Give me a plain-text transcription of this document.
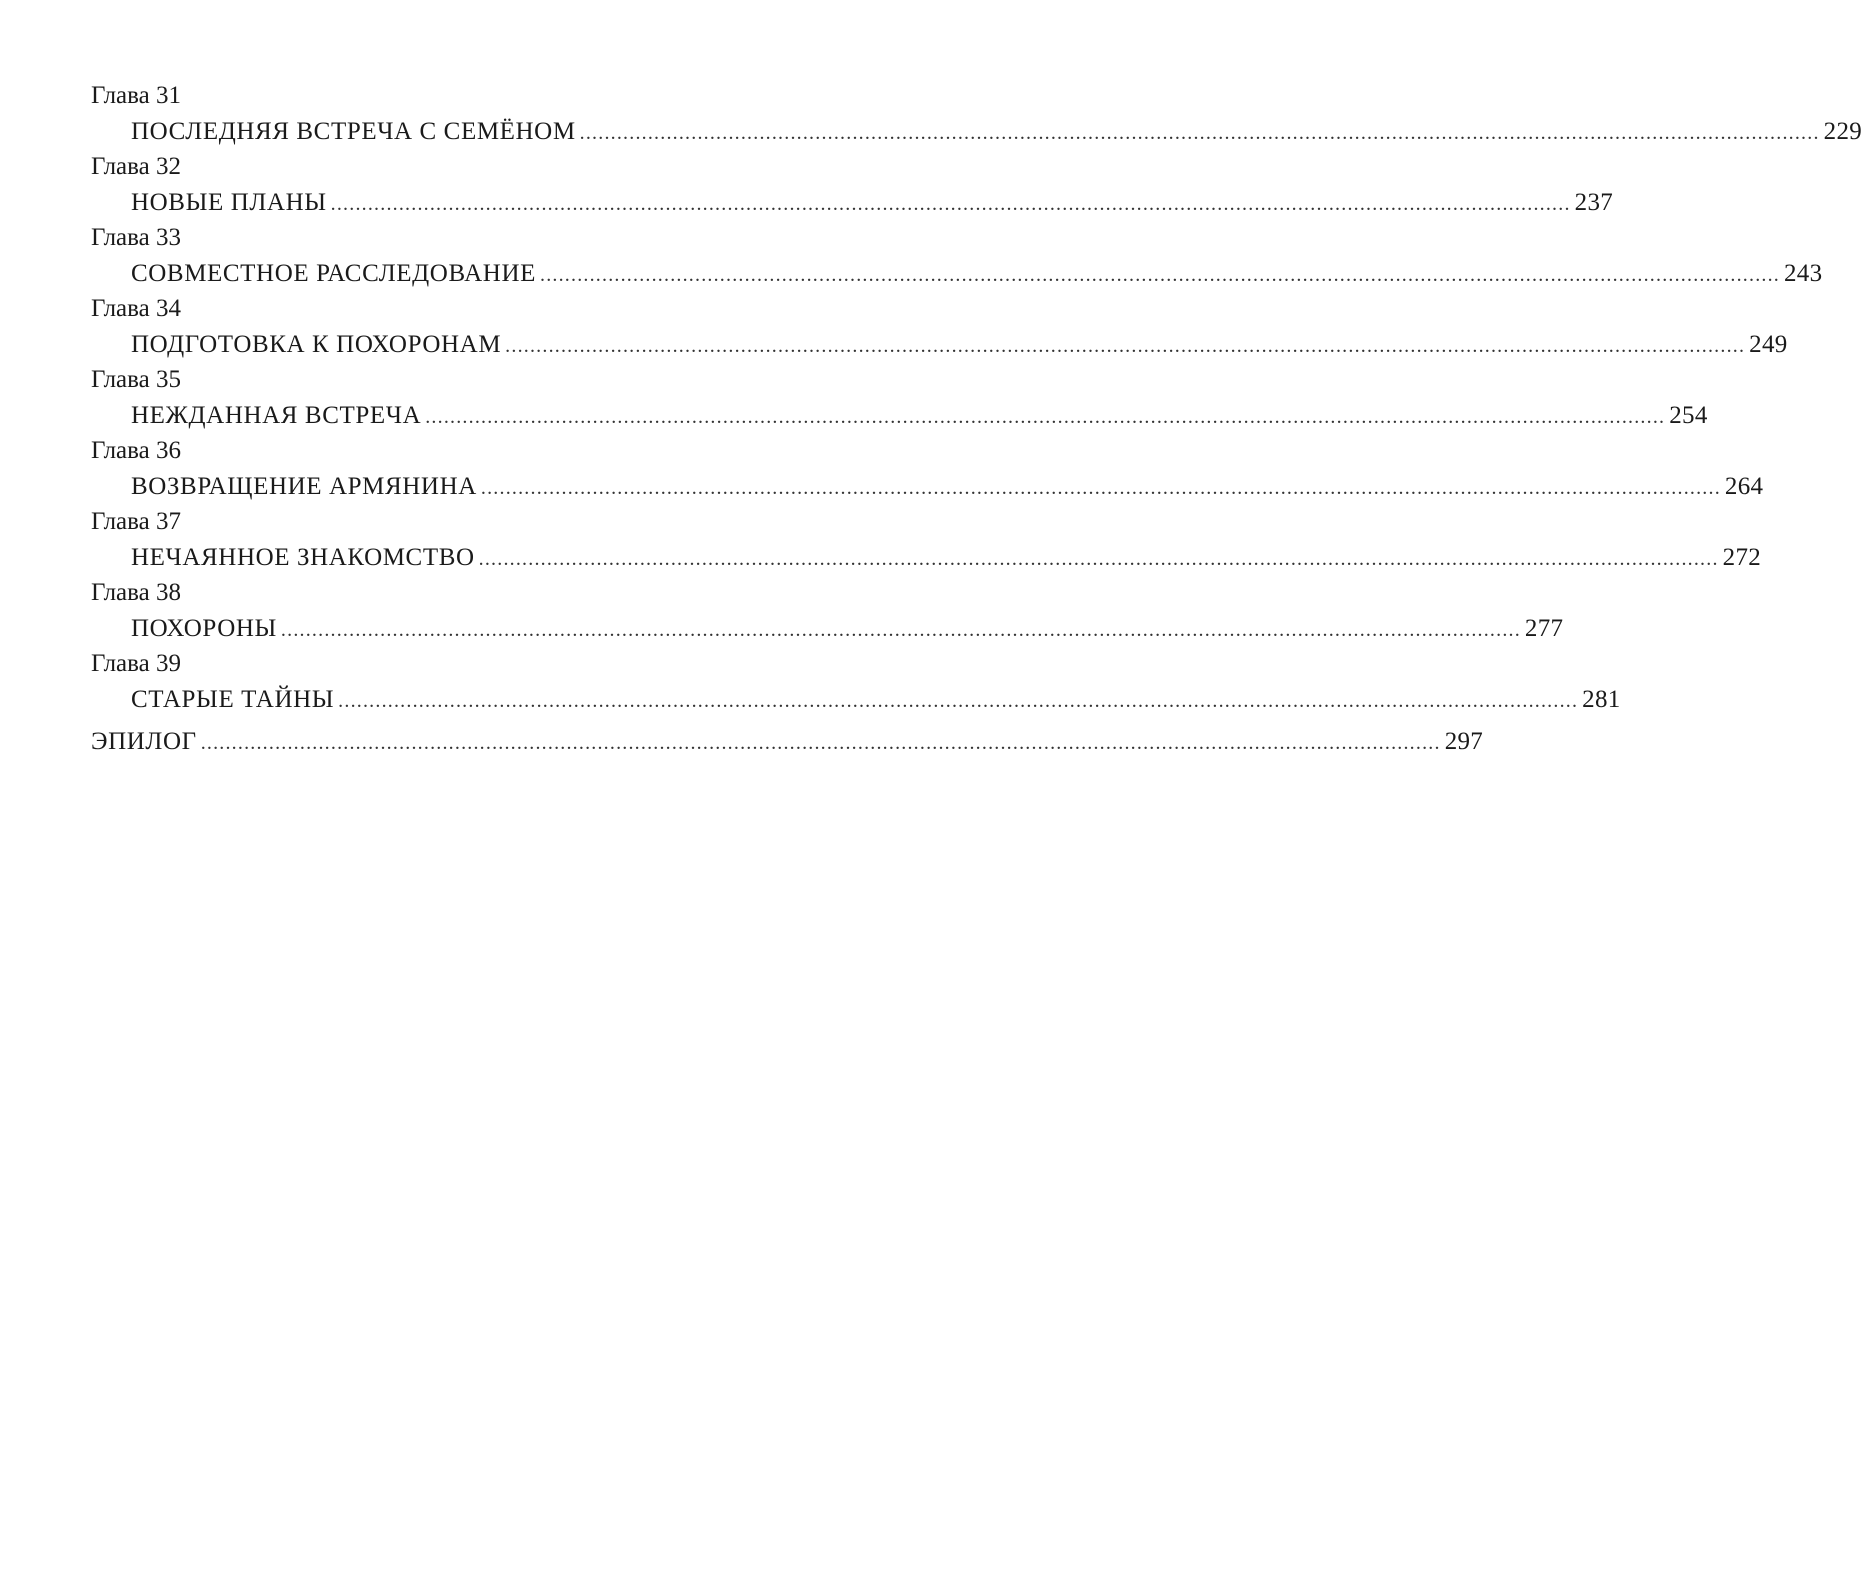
Глава 31
ПОСЛЕДНЯЯ ВСТРЕЧА С СЕМЁНОМ ........................................................................................................................................................................................................ 229
Глава 32
НОВЫЕ ПЛАНЫ ........................................................................................................................................................................................................ 237
Глава 33
СОВМЕСТНОЕ РАССЛЕДОВАНИЕ ........................................................................................................................................................................................................ 243
Глава 34
ПОДГОТОВКА К ПОХОРОНАМ ........................................................................................................................................................................................................ 249
Глава 35
НЕЖДАННАЯ ВСТРЕЧА ........................................................................................................................................................................................................ 254
Глава 36
ВОЗВРАЩЕНИЕ АРМЯНИНА ........................................................................................................................................................................................................ 264
Глава 37
НЕЧАЯННОЕ ЗНАКОМСТВО ........................................................................................................................................................................................................ 272
Глава 38
ПОХОРОНЫ ........................................................................................................................................................................................................ 277
Глава 39
СТАРЫЕ ТАЙНЫ ........................................................................................................................................................................................................ 281
ЭПИЛОГ ........................................................................................................................................................................................................ 297
